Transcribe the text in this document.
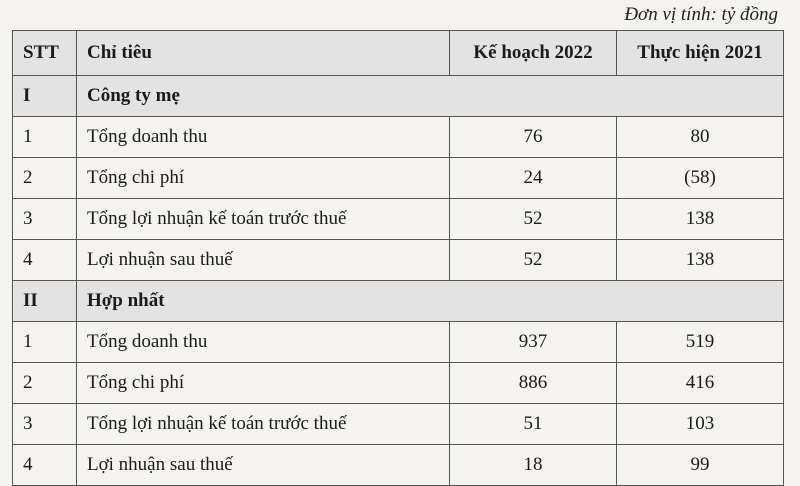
Đơn vị tính: tỷ đồng
STT	Chỉ tiêu	Kế hoạch 2022	Thực hiện 2021
I	Công ty mẹ		
1	Tổng doanh thu	76	80
2	Tổng chi phí	24	(58)
3	Tổng lợi nhuận kế toán trước thuế	52	138
4	Lợi nhuận sau thuế	52	138
II	Hợp nhất		
1	Tổng doanh thu	937	519
2	Tổng chi phí	886	416
3	Tổng lợi nhuận kế toán trước thuế	51	103
4	Lợi nhuận sau thuế	18	99
